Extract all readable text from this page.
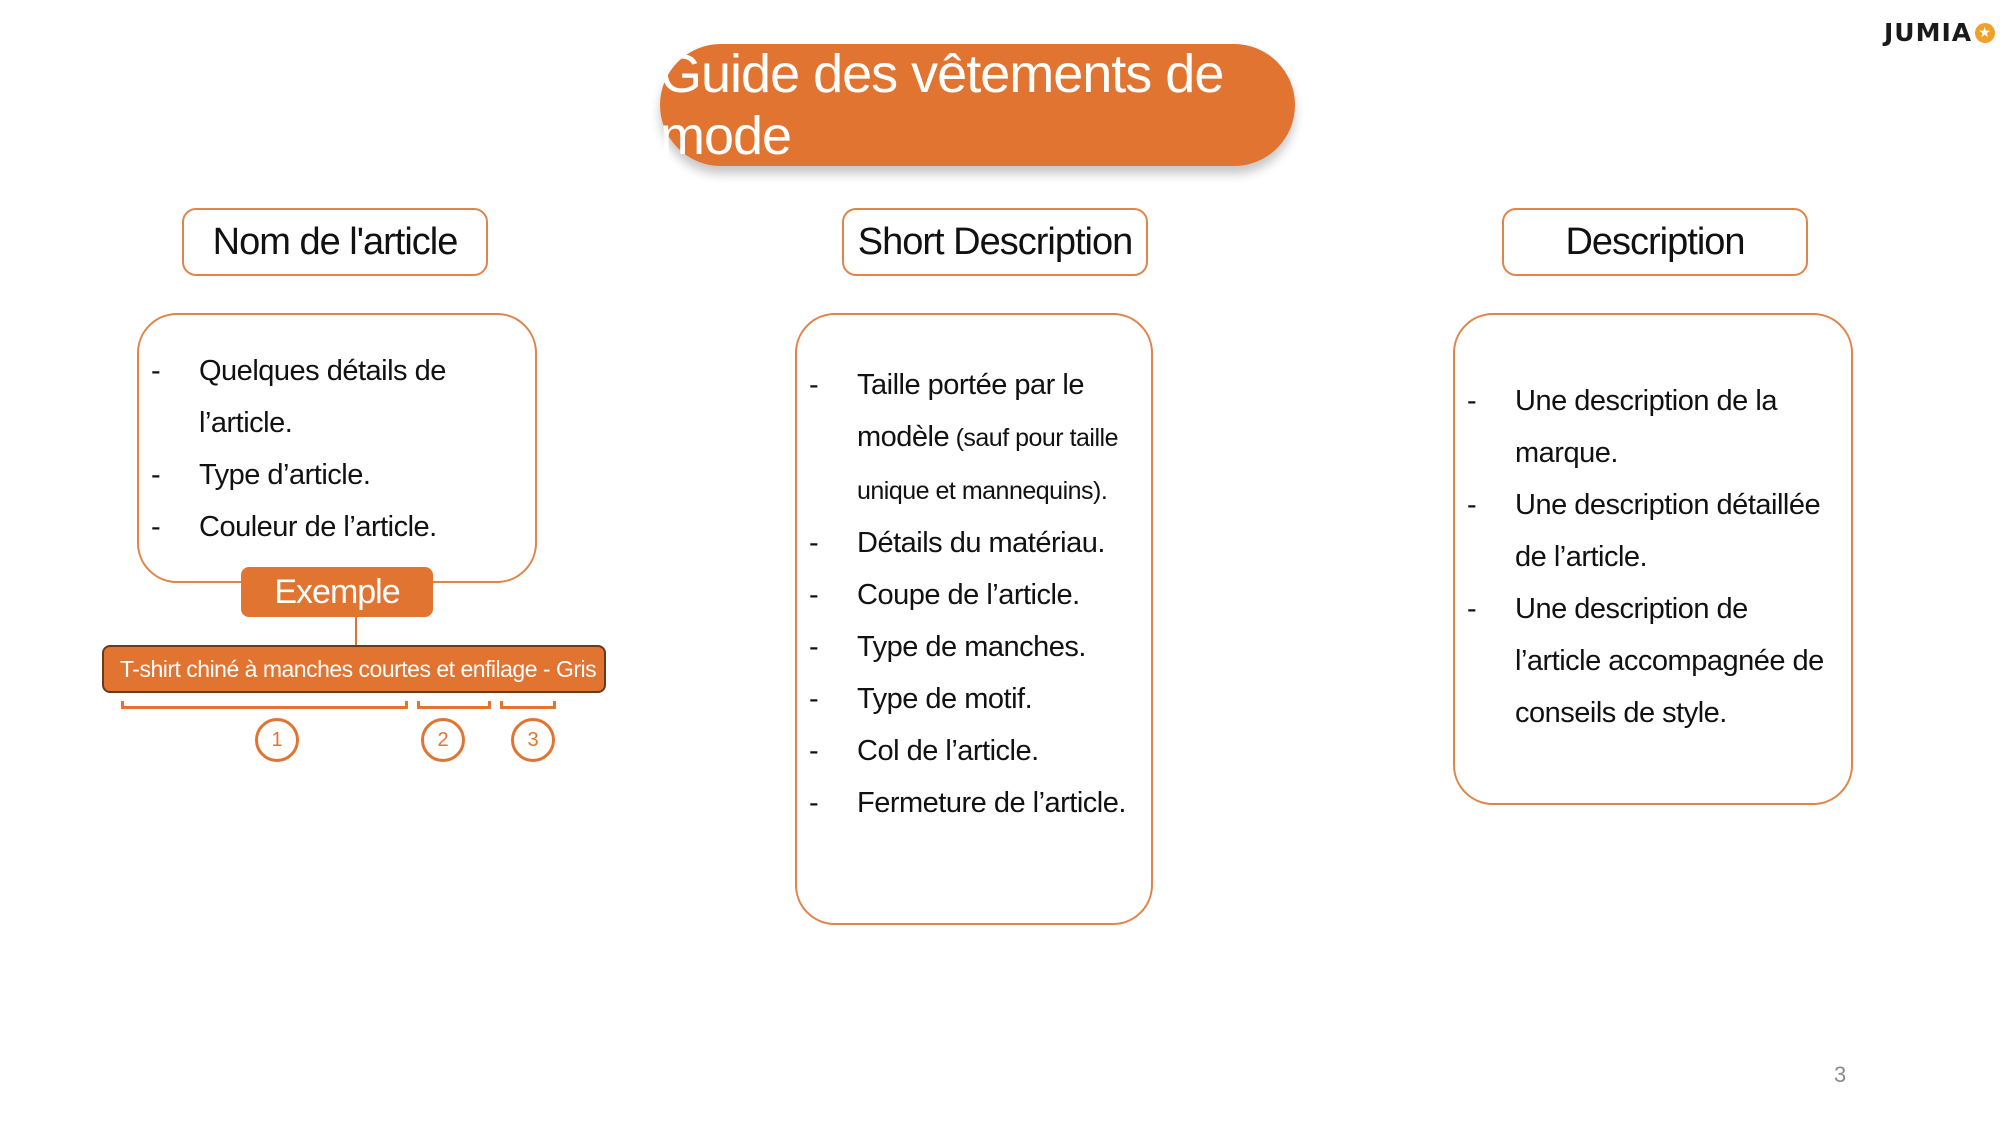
JUMIA ★
Guide des vêtements de mode
Nom de l'article	Short Description	Description
- Quelques détails de l’article.
- Type d’article.
- Couleur de l’article.
Exemple
T-shirt chiné à manches courtes et enfilage - Gris
1	2	3
- Taille portée par le modèle (sauf pour taille unique et mannequins).
- Détails du matériau.
- Coupe de l’article.
- Type de manches.
- Type de motif.
- Col de l’article.
- Fermeture de l’article.
- Une description de la marque.
- Une description détaillée de l’article.
- Une description de l’article accompagnée de conseils de style.
3
